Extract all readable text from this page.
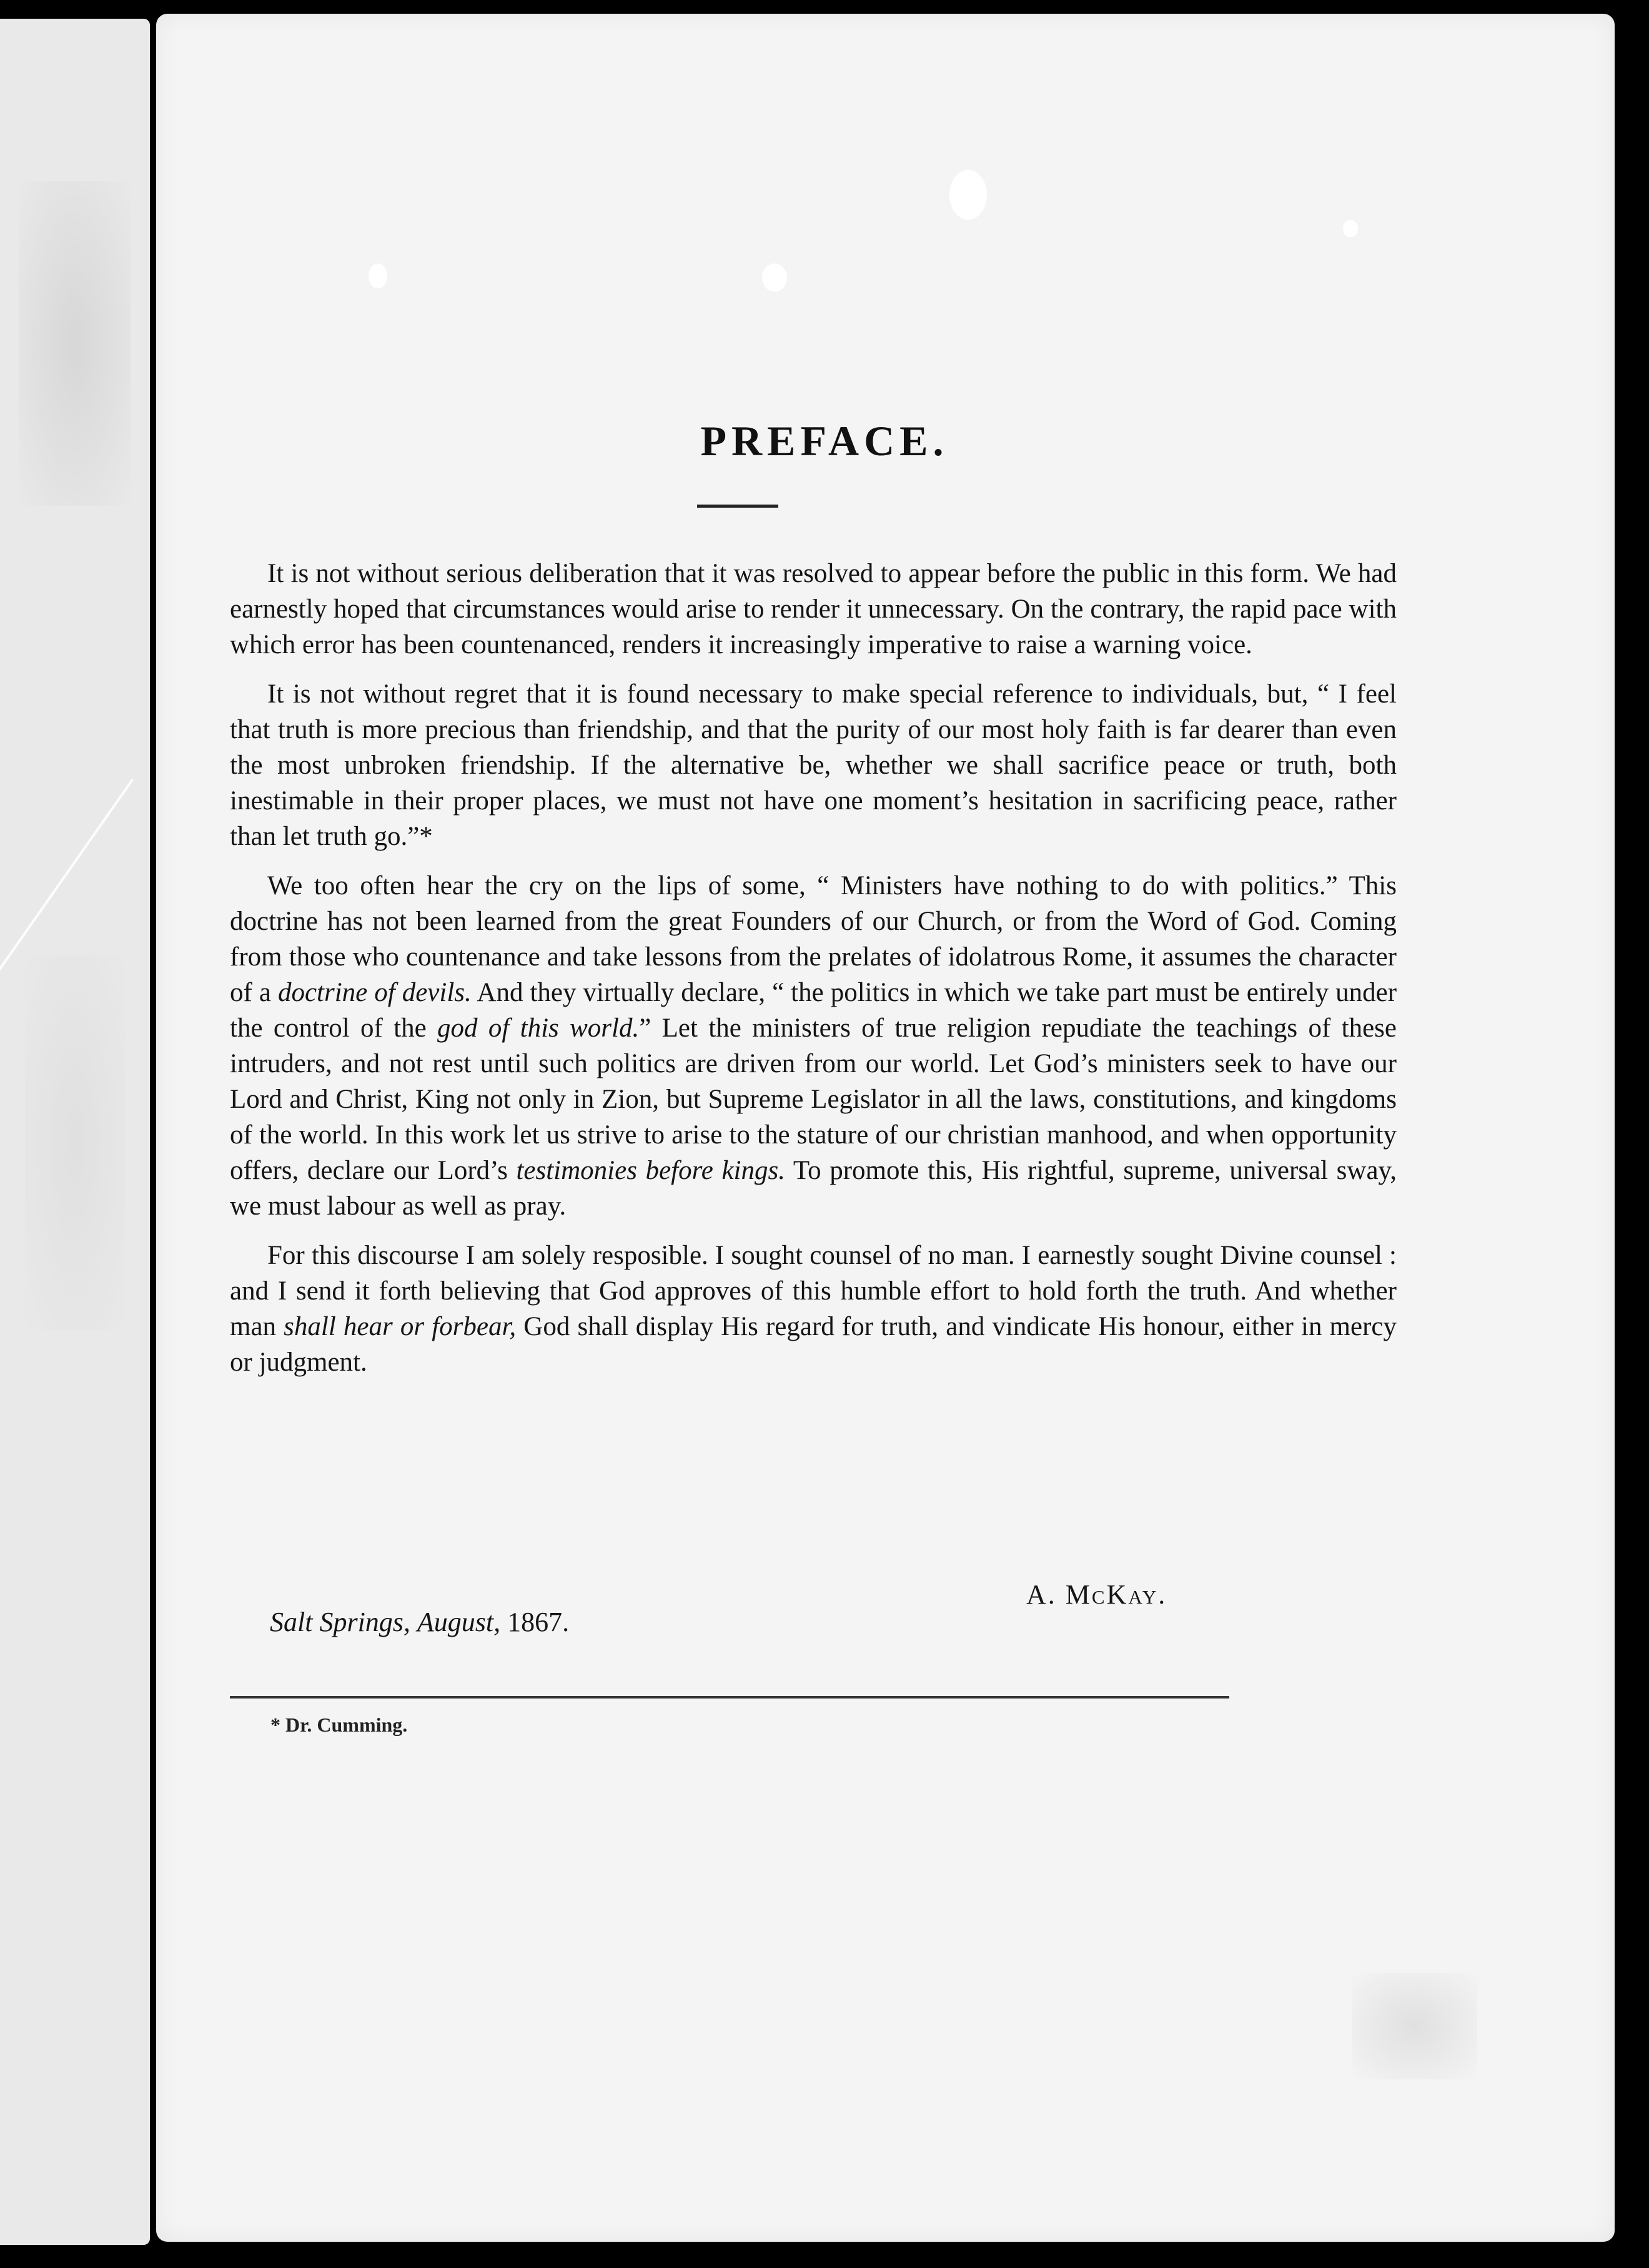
PREFACE.

It is not without serious deliberation that it was resolved to appear before the public in this form. We had earnestly hoped that circumstances would arise to render it unnecessary. On the contrary, the rapid pace with which error has been countenanced, renders it increasingly imperative to raise a warning voice.

It is not without regret that it is found necessary to make special reference to individuals, but, “ I feel that truth is more precious than friendship, and that the purity of our most holy faith is far dearer than even the most unbroken friendship. If the alternative be, whether we shall sacrifice peace or truth, both inestimable in their proper places, we must not have one moment’s hesitation in sacrificing peace, rather than let truth go.”*

We too often hear the cry on the lips of some, “ Ministers have nothing to do with politics.” This doctrine has not been learned from the great Founders of our Church, or from the Word of God. Coming from those who countenance and take lessons from the prelates of idolatrous Rome, it assumes the character of a doctrine of devils. And they virtually declare, “ the politics in which we take part must be entirely under the control of the god of this world.” Let the ministers of true religion repudiate the teachings of these intruders, and not rest until such politics are driven from our world. Let God’s ministers seek to have our Lord and Christ, King not only in Zion, but Supreme Legislator in all the laws, constitutions, and kingdoms of the world. In this work let us strive to arise to the stature of our christian manhood, and when opportunity offers, declare our Lord’s testimonies before kings. To promote this, His rightful, supreme, universal sway, we must labour as well as pray.

For this discourse I am solely resposible. I sought counsel of no man. I earnestly sought Divine counsel : and I send it forth believing that God approves of this humble effort to hold forth the truth. And whether man shall hear or forbear, God shall display His regard for truth, and vindicate His honour, either in mercy or judgment.

A. McKay.
Salt Springs, August, 1867.
* Dr. Cumming.
